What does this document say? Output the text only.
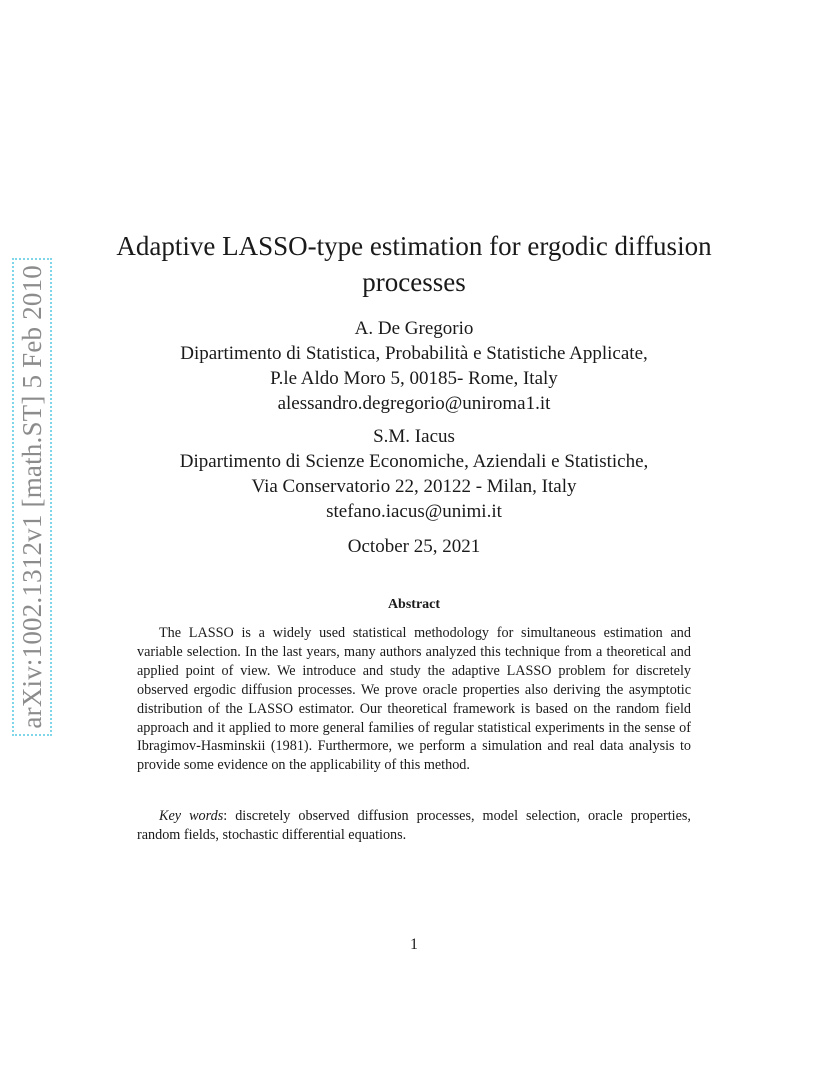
arXiv:1002.1312v1 [math.ST] 5 Feb 2010
Adaptive LASSO-type estimation for ergodic diffusion
processes
A. De Gregorio
Dipartimento di Statistica, Probabilità e Statistiche Applicate,
P.le Aldo Moro 5, 00185- Rome, Italy
alessandro.degregorio@uniroma1.it
S.M. Iacus
Dipartimento di Scienze Economiche, Aziendali e Statistiche,
Via Conservatorio 22, 20122 - Milan, Italy
stefano.iacus@unimi.it
October 25, 2021
Abstract
The LASSO is a widely used statistical methodology for simultaneous estimation and variable selection. In the last years, many authors analyzed this technique from a theoretical and applied point of view. We introduce and study the adaptive LASSO problem for discretely observed ergodic diffusion processes. We prove oracle properties also deriving the asymptotic distribution of the LASSO estimator. Our theoretical framework is based on the random field approach and it applied to more general families of regular statistical experiments in the sense of Ibragimov-Hasminskii (1981). Furthermore, we perform a simulation and real data analysis to provide some evidence on the applicability of this method.
Key words: discretely observed diffusion processes, model selection, oracle properties, random fields, stochastic differential equations.
1
